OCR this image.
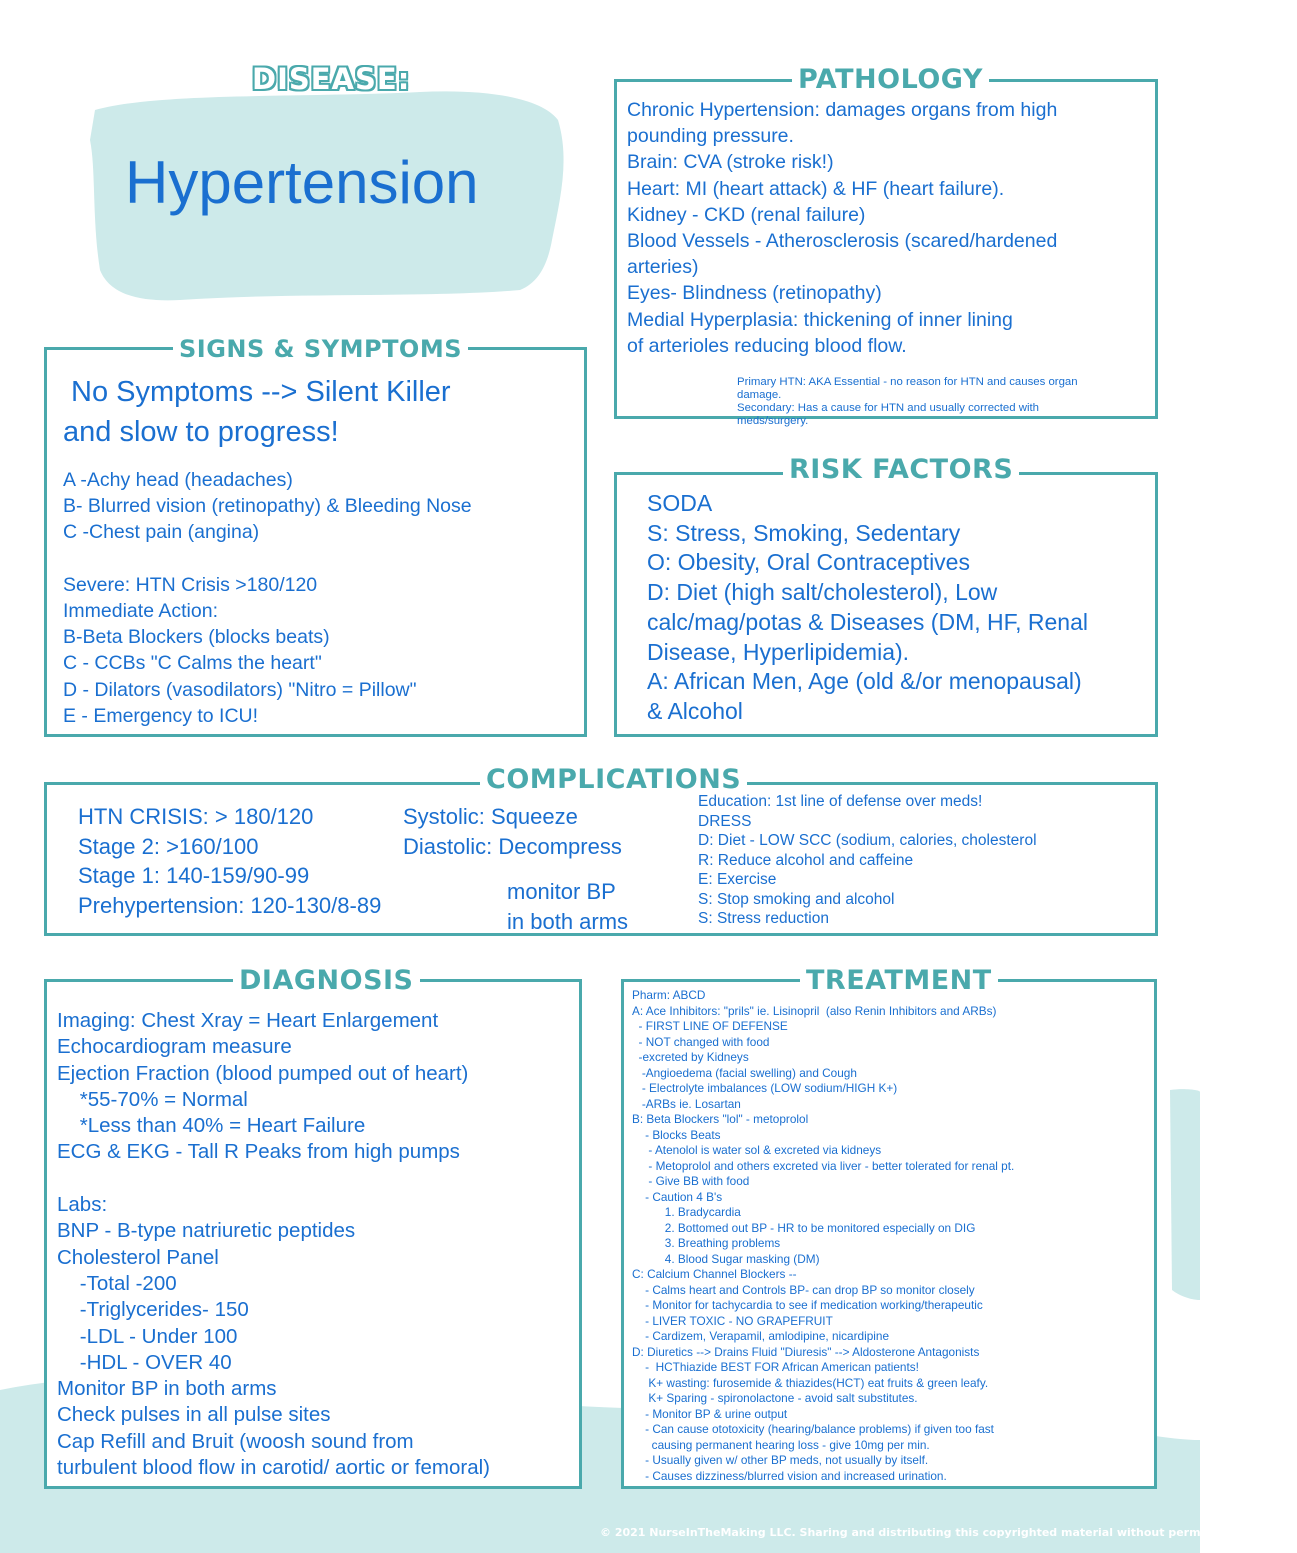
DISEASE:
Hypertension
PATHOLOGY
Chronic Hypertension: damages organs from high
pounding pressure.
Brain: CVA (stroke risk!)
Heart: MI (heart attack) & HF (heart failure).
Kidney - CKD (renal failure)
Blood Vessels - Atherosclerosis (scared/hardened
arteries)
Eyes- Blindness (retinopathy)
Medial Hyperplasia: thickening of inner lining
of arterioles reducing blood flow.
Primary HTN: AKA Essential - no reason for HTN and causes organ
damage.
Secondary: Has a cause for HTN and usually corrected with
meds/surgery.
SIGNS & SYMPTOMS
No Symptoms --> Silent Killer
and slow to progress!
A -Achy head (headaches)
B- Blurred vision (retinopathy) & Bleeding Nose
C -Chest pain (angina)

Severe: HTN Crisis >180/120
Immediate Action:
B-Beta Blockers (blocks beats)
C - CCBs "C Calms the heart"
D - Dilators (vasodilators) "Nitro = Pillow"
E - Emergency to ICU!
RISK FACTORS
SODA
S: Stress, Smoking, Sedentary
O: Obesity, Oral Contraceptives
D: Diet (high salt/cholesterol), Low
calc/mag/potas & Diseases (DM, HF, Renal
Disease, Hyperlipidemia).
A: African Men, Age (old &/or menopausal)
& Alcohol
COMPLICATIONS
HTN CRISIS: > 180/120
Stage 2: >160/100
Stage 1: 140-159/90-99
Prehypertension: 120-130/8-89
Systolic: Squeeze
Diastolic: Decompress
monitor BP
in both arms
Education: 1st line of defense over meds!
DRESS
D: Diet - LOW SCC (sodium, calories, cholesterol
R: Reduce alcohol and caffeine
E: Exercise
S: Stop smoking and alcohol
S: Stress reduction
DIAGNOSIS
Imaging: Chest Xray = Heart Enlargement
Echocardiogram measure
Ejection Fraction (blood pumped out of heart)
*55-70% = Normal
*Less than 40% = Heart Failure
ECG & EKG - Tall R Peaks from high pumps

Labs:
BNP - B-type natriuretic peptides
Cholesterol Panel
-Total -200
-Triglycerides- 150
-LDL - Under 100
-HDL - OVER 40
Monitor BP in both arms
Check pulses in all pulse sites
Cap Refill and Bruit (woosh sound from
turbulent blood flow in carotid/ aortic or femoral)
TREATMENT
Pharm: ABCD
A: Ace Inhibitors: "prils" ie. Lisinopril  (also Renin Inhibitors and ARBs)
- FIRST LINE OF DEFENSE
- NOT changed with food
-excreted by Kidneys
-Angioedema (facial swelling) and Cough
- Electrolyte imbalances (LOW sodium/HIGH K+)
-ARBs ie. Losartan
B: Beta Blockers "lol" - metoprolol
- Blocks Beats
- Atenolol is water sol & excreted via kidneys
- Metoprolol and others excreted via liver - better tolerated for renal pt.
- Give BB with food
- Caution 4 B's
1. Bradycardia
2. Bottomed out BP - HR to be monitored especially on DIG
3. Breathing problems
4. Blood Sugar masking (DM)
C: Calcium Channel Blockers --
- Calms heart and Controls BP- can drop BP so monitor closely
- Monitor for tachycardia to see if medication working/therapeutic
- LIVER TOXIC - NO GRAPEFRUIT
- Cardizem, Verapamil, amlodipine, nicardipine
D: Diuretics --> Drains Fluid "Diuresis" --> Aldosterone Antagonists
-  HCThiazide BEST FOR African American patients!
K+ wasting: furosemide & thiazides(HCT) eat fruits & green leafy.
K+ Sparing - spironolactone - avoid salt substitutes.
- Monitor BP & urine output
- Can cause ototoxicity (hearing/balance problems) if given too fast
causing permanent hearing loss - give 10mg per min.
- Usually given w/ other BP meds, not usually by itself.
- Causes dizziness/blurred vision and increased urination.
© 2021 NurseInTheMaking LLC. Sharing and distributing this copyrighted material without permission is illegal.
